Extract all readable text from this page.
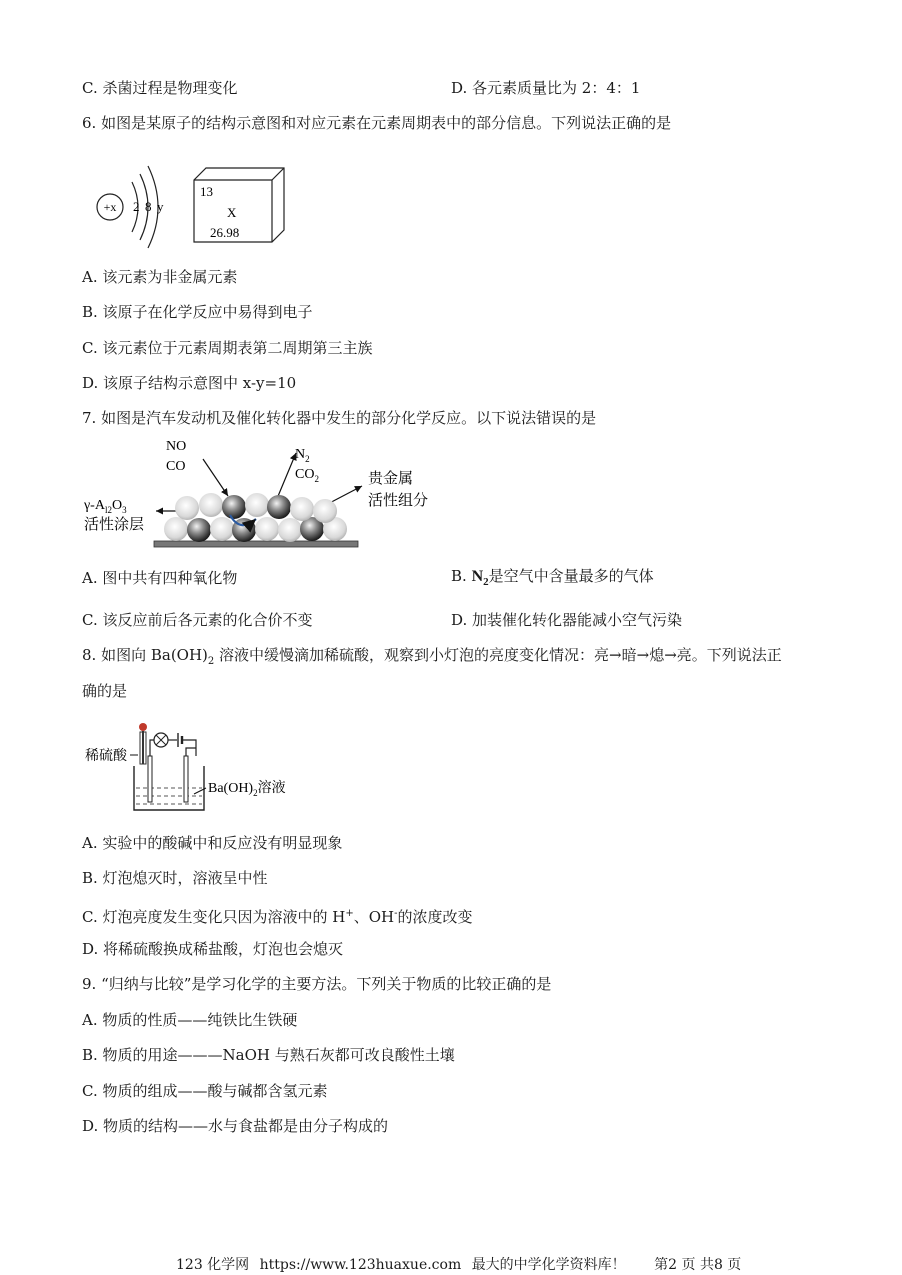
C. 杀菌过程是物理变化	D. 各元素质量比为 2：4：1
6. 如图是某原子的结构示意图和对应元素在元素周期表中的部分信息。下列说法正确的是
+x 2 8 y
13
X
26.98
A. 该元素为非金属元素
B. 该原子在化学反应中易得到电子
C. 该元素位于元素周期表第二周期第三主族
D. 该原子结构示意图中 x-y=10
7. 如图是汽车发动机及催化转化器中发生的部分化学反应。以下说法错误的是
NO
CO
$N_2$
$CO_2$	贵金属
活性组分
$\gamma-A_{l2}O_3$
活性涂层
A. 图中共有四种氧化物	B. $N_2$是空气中含量最多的气体
C. 该反应前后各元素的化合价不变	D. 加装催化转化器能减小空气污染
8. 如图向 $Ba(OH)_2$ 溶液中缓慢滴加稀硫酸，观察到小灯泡的亮度变化情况：亮→暗→熄→亮。下列说法正
确的是
稀硫酸
$Ba(OH)_2$溶液
A. 实验中的酸碱中和反应没有明显现象
B. 灯泡熄灭时，溶液呈中性
C. 灯泡亮度发生变化只因为溶液中的 H+、OH-的浓度改变
D. 将稀硫酸换成稀盐酸，灯泡也会熄灭
9. “归纳与比较”是学习化学的主要方法。下列关于物质的比较正确的是
A. 物质的性质——纯铁比生铁硬
B. 物质的用途———NaOH 与熟石灰都可改良酸性土壤
C. 物质的组成——酸与碱都含氢元素
D. 物质的结构——水与食盐都是由分子构成的
123 化学网 https://www.123huaxue.com 最大的中学化学资料库！ 第2 页 共8 页
